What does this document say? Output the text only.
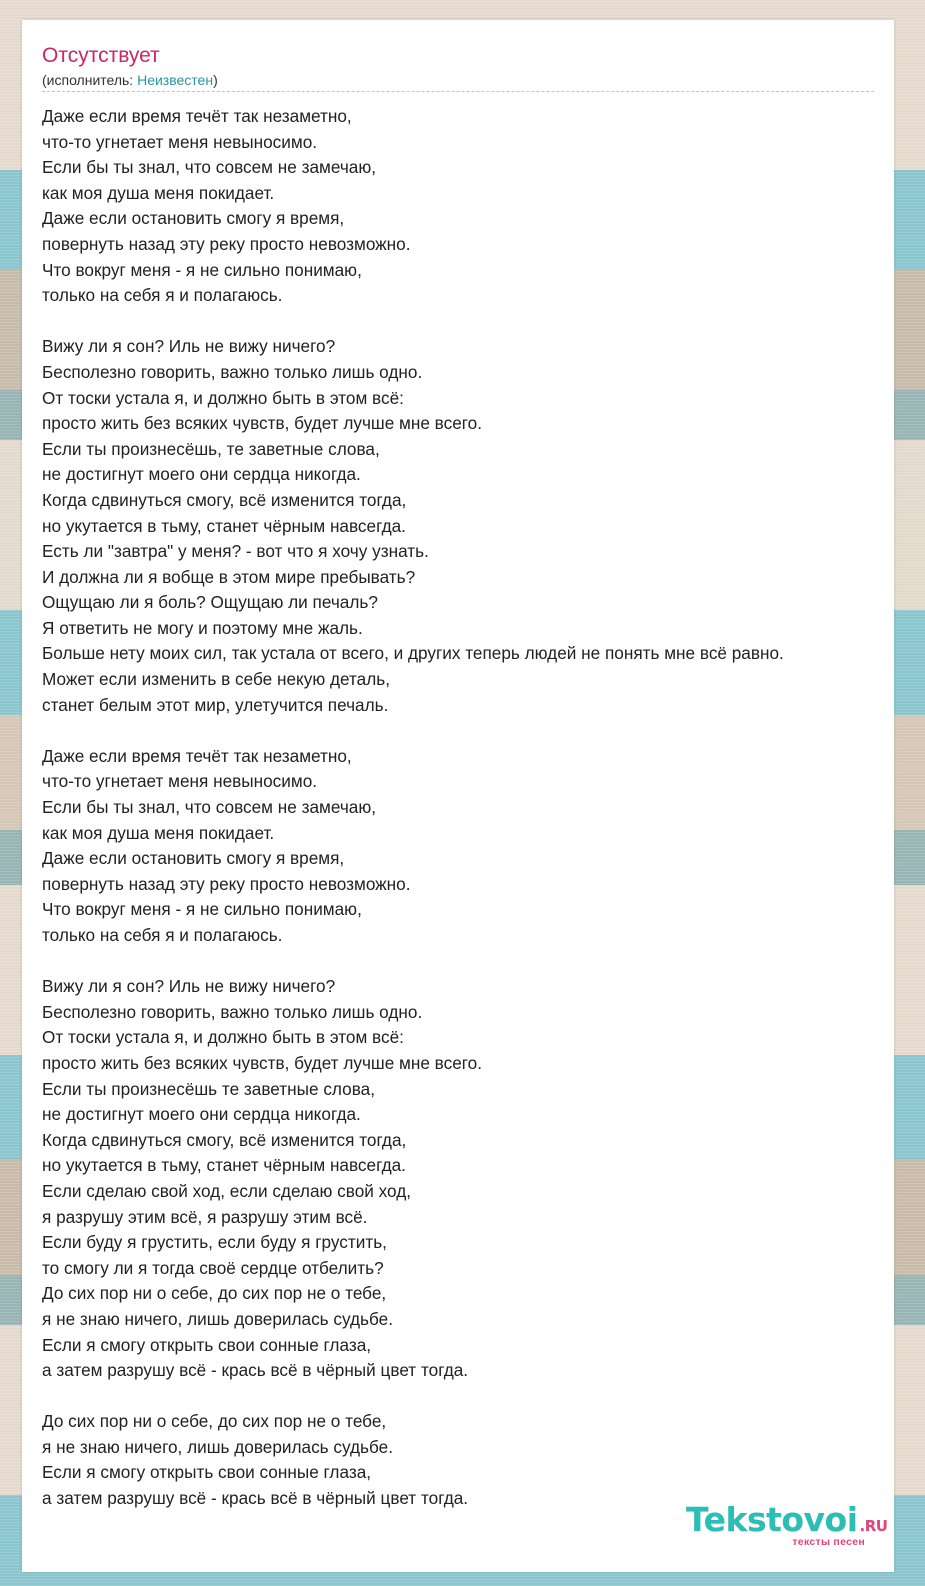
Отсутствует
(исполнитель: Неизвестен)
Даже если время течёт так незаметно,
что-то угнетает меня невыносимо.
Если бы ты знал, что совсем не замечаю,
как моя душа меня покидает.
Даже если остановить смогу я время,
повернуть назад эту реку просто невозможно.
Что вокруг меня - я не сильно понимаю,
только на себя я и полагаюсь.
Вижу ли я сон? Иль не вижу ничего?
Бесполезно говорить, важно только лишь одно.
От тоски устала я, и должно быть в этом всё:
просто жить без всяких чувств, будет лучше мне всего.
Если ты произнесёшь, те заветные слова,
не достигнут моего они сердца никогда.
Когда сдвинуться смогу, всё изменится тогда,
но укутается в тьму, станет чёрным навсегда.
Есть ли "завтра" у меня? - вот что я хочу узнать.
И должна ли я вобще в этом мире пребывать?
Ощущаю ли я боль? Ощущаю ли печаль?
Я ответить не могу и поэтому мне жаль.
Больше нету моих сил, так устала от всего, и других теперь людей не понять мне всё равно.
Может если изменить в себе некую деталь,
станет белым этот мир, улетучится печаль.
Даже если время течёт так незаметно,
что-то угнетает меня невыносимо.
Если бы ты знал, что совсем не замечаю,
как моя душа меня покидает.
Даже если остановить смогу я время,
повернуть назад эту реку просто невозможно.
Что вокруг меня - я не сильно понимаю,
только на себя я и полагаюсь.
Вижу ли я сон? Иль не вижу ничего?
Бесполезно говорить, важно только лишь одно.
От тоски устала я, и должно быть в этом всё:
просто жить без всяких чувств, будет лучше мне всего.
Если ты произнесёшь те заветные слова,
не достигнут моего они сердца никогда.
Когда сдвинуться смогу, всё изменится тогда,
но укутается в тьму, станет чёрным навсегда.
Если сделаю свой ход, если сделаю свой ход,
я разрушу этим всё, я разрушу этим всё.
Если буду я грустить, если буду я грустить,
то смогу ли я тогда своё сердце отбелить?
До сих пор ни о себе, до сих пор не о тебе,
я не знаю ничего, лишь доверилась судьбе.
Если я смогу открыть свои сонные глаза,
а затем разрушу всё - крась всё в чёрный цвет тогда.
До сих пор ни о себе, до сих пор не о тебе,
я не знаю ничего, лишь доверилась судьбе.
Если я смогу открыть свои сонные глаза,
а затем разрушу всё - крась всё в чёрный цвет тогда.
Tekstovoi .RU
тексты песен
